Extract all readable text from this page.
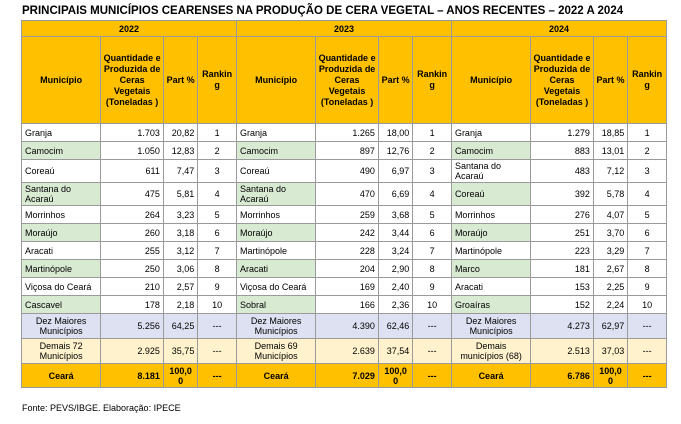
PRINCIPAIS MUNICÍPIOS CEARENSES NA PRODUÇÃO DE CERA VEGETAL – ANOS RECENTES – 2022 A 2024
2022				2023				2024			
Município	Quantidade e Produzida de Ceras Vegetais (Toneladas )	Part %	Rankin g	Município	Quantidade e Produzida de Ceras Vegetais (Toneladas )	Part %	Rankin g	Município	Quantidade e Produzida de Ceras Vegetais (Toneladas )	Part %	Rankin g
Granja	1.703	20,82	1	Granja	1.265	18,00	1	Granja	1.279	18,85	1
Camocim	1.050	12,83	2	Camocim	897	12,76	2	Camocim	883	13,01	2
Coreaú	611	7,47	3	Coreaú	490	6,97	3	Santana do Acaraú	483	7,12	3
Santana do Acaraú	475	5,81	4	Santana do Acaraú	470	6,69	4	Coreaú	392	5,78	4
Morrinhos	264	3,23	5	Morrinhos	259	3,68	5	Morrinhos	276	4,07	5
Moraújo	260	3,18	6	Moraújo	242	3,44	6	Moraújo	251	3,70	6
Aracati	255	3,12	7	Martinópole	228	3,24	7	Martinópole	223	3,29	7
Martinópole	250	3,06	8	Aracati	204	2,90	8	Marco	181	2,67	8
Viçosa do Ceará	210	2,57	9	Viçosa do Ceará	169	2,40	9	Aracati	153	2,25	9
Cascavel	178	2,18	10	Sobral	166	2,36	10	Groaíras	152	2,24	10
Dez Maiores Municípios	5.256	64,25	---	Dez Maiores Municípios	4.390	62,46	---	Dez Maiores Municípios	4.273	62,97	---
Demais 72 Municípios	2.925	35,75	---	Demais 69 Municípios	2.639	37,54	---	Demais municípios (68)	2.513	37,03	---
Ceará	8.181	100,0 0	---	Ceará	7.029	100,0 0	---	Ceará	6.786	100,0 0	---
Fonte: PEVS/IBGE. Elaboração: IPECE
